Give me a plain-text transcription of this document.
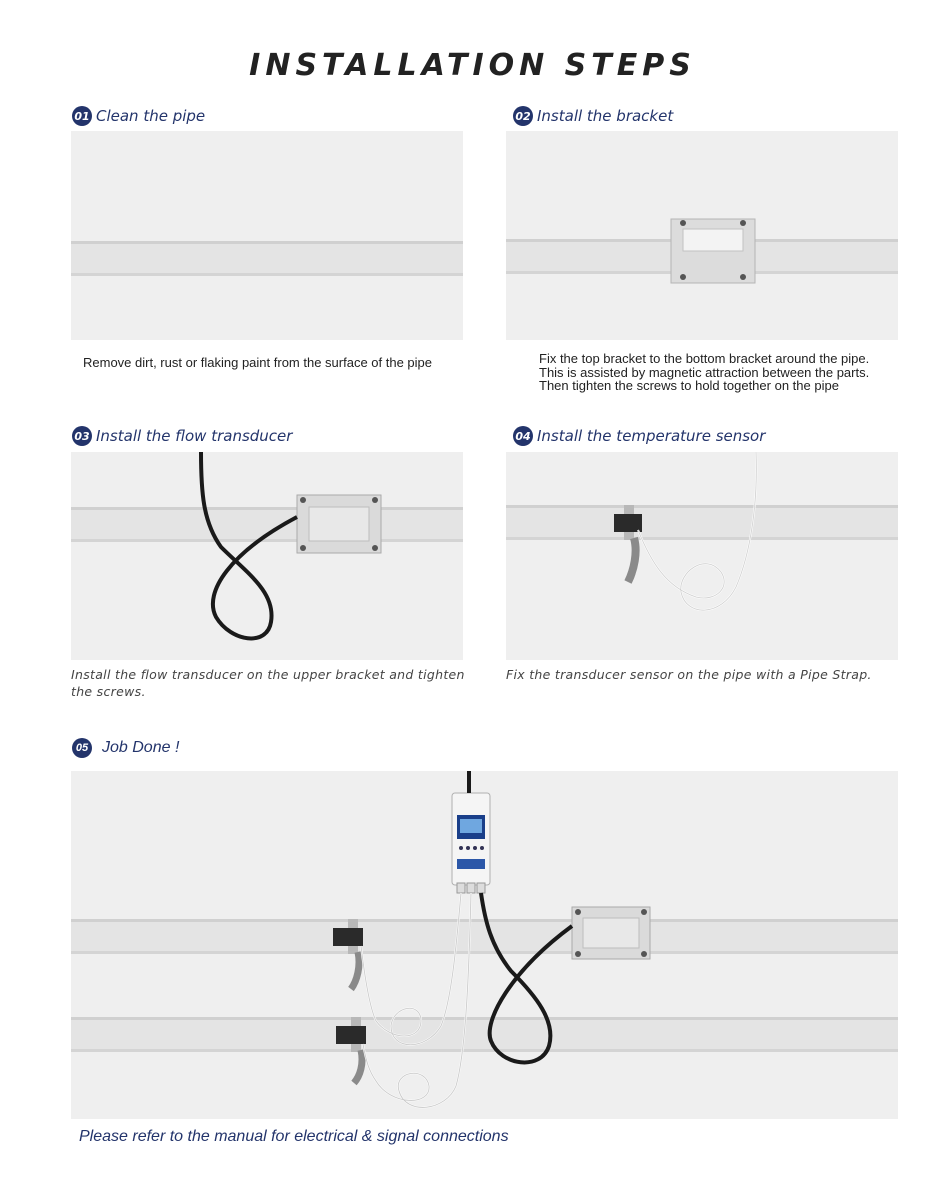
INSTALLATION STEPS
01 Clean the pipe
Remove dirt, rust or flaking paint from the surface of the pipe
02 Install the bracket
Fix the top bracket to the bottom bracket around the pipe.
This is assisted by magnetic attraction between the parts.
Then tighten the screws to hold together on the pipe
03 Install the flow transducer
Install the flow transducer on the upper bracket and tighten
the screws.
04 Install the temperature sensor
Fix the transducer sensor on the pipe with a Pipe Strap.
05 Job Done !
Please refer to the manual for electrical & signal connections
